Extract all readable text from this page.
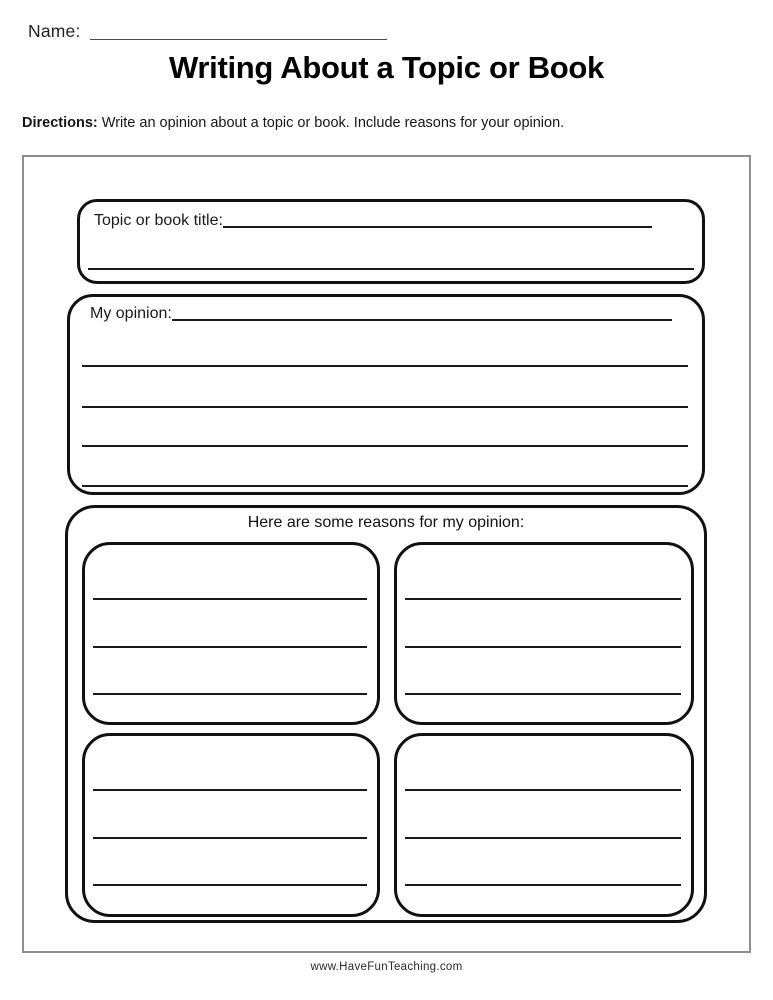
Name:
Writing About a Topic or Book

Directions: Write an opinion about a topic or book. Include reasons for your opinion.

Topic or book title:
My opinion:
Here are some reasons for my opinion:
www.HaveFunTeaching.com
